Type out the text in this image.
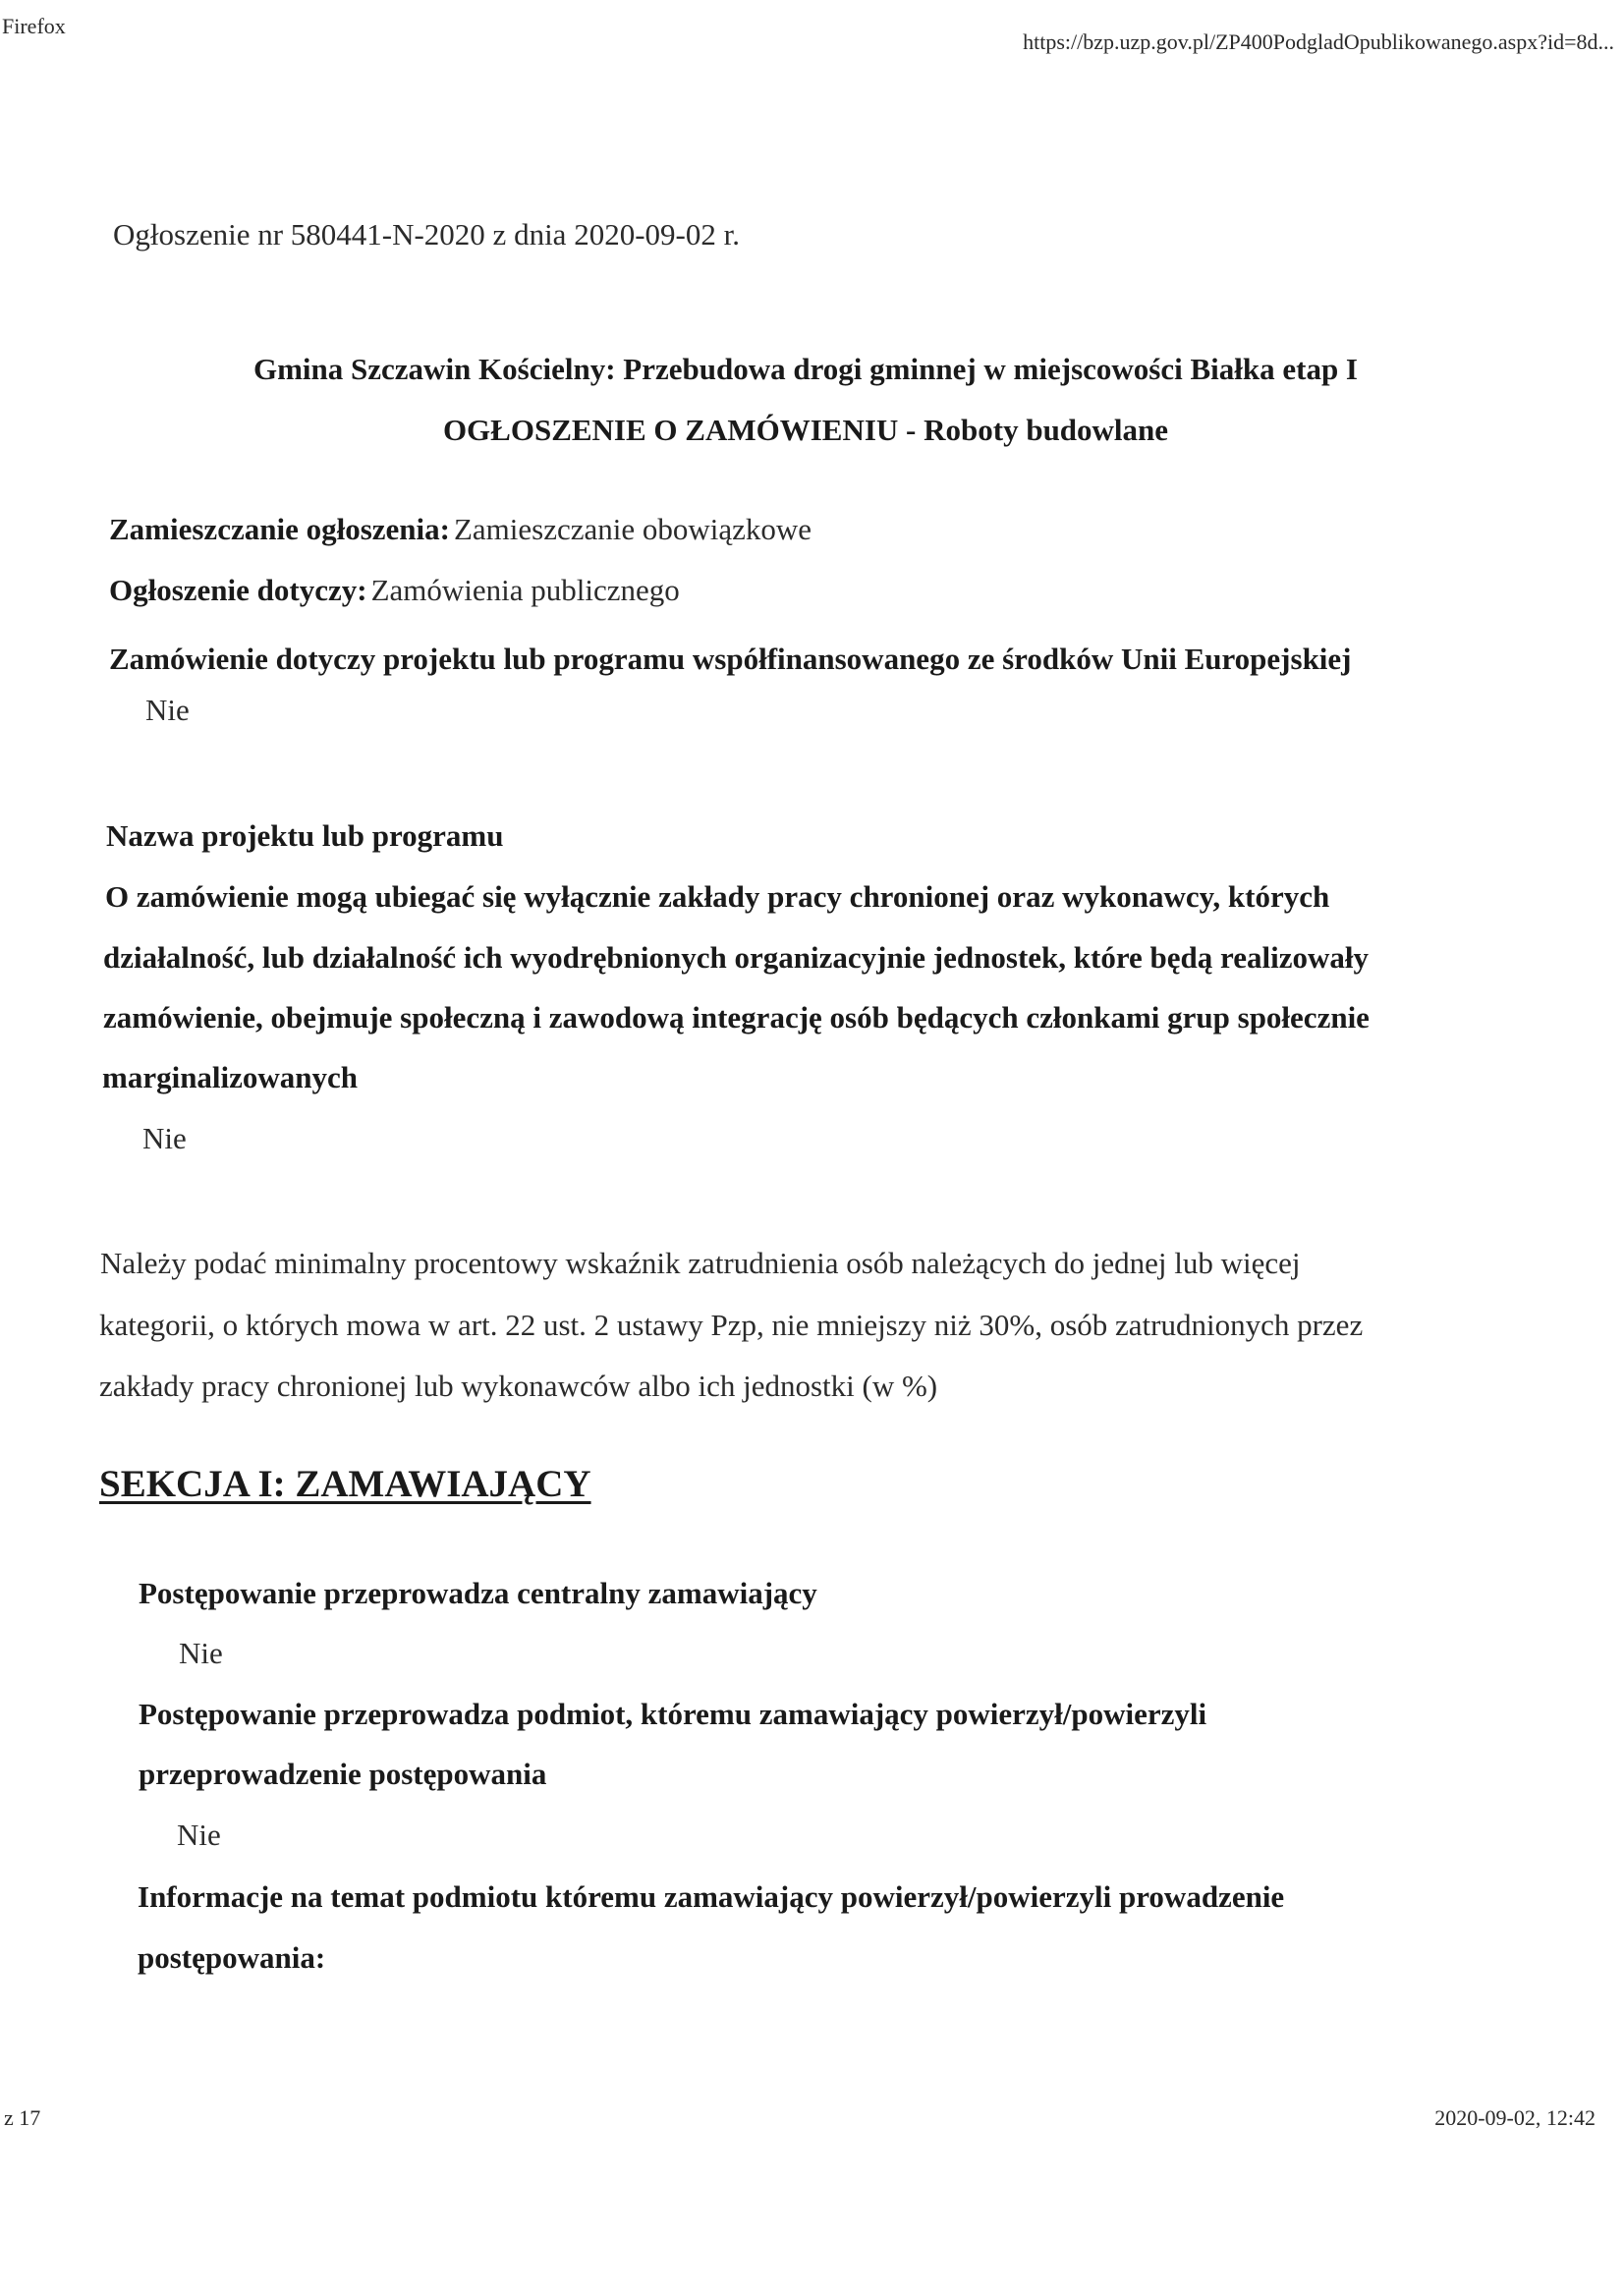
Firefox
https://bzp.uzp.gov.pl/ZP400PodgladOpublikowanego.aspx?id=8d...
Ogłoszenie nr 580441-N-2020 z dnia 2020-09-02 r.
Gmina Szczawin Kościelny: Przebudowa drogi gminnej w miejscowości Białka etap I
OGŁOSZENIE O ZAMÓWIENIU - Roboty budowlane
Zamieszczanie ogłoszenia: Zamieszczanie obowiązkowe
Ogłoszenie dotyczy: Zamówienia publicznego
Zamówienie dotyczy projektu lub programu współfinansowanego ze środków Unii Europejskiej
Nie
Nazwa projektu lub programu
O zamówienie mogą ubiegać się wyłącznie zakłady pracy chronionej oraz wykonawcy, których
działalność, lub działalność ich wyodrębnionych organizacyjnie jednostek, które będą realizowały
zamówienie, obejmuje społeczną i zawodową integrację osób będących członkami grup społecznie
marginalizowanych
Nie
Należy podać minimalny procentowy wskaźnik zatrudnienia osób należących do jednej lub więcej
kategorii, o których mowa w art. 22 ust. 2 ustawy Pzp, nie mniejszy niż 30%, osób zatrudnionych przez
zakłady pracy chronionej lub wykonawców albo ich jednostki (w %)
SEKCJA I: ZAMAWIAJĄCY
Postępowanie przeprowadza centralny zamawiający
Nie
Postępowanie przeprowadza podmiot, któremu zamawiający powierzył/powierzyli
przeprowadzenie postępowania
Nie
Informacje na temat podmiotu któremu zamawiający powierzył/powierzyli prowadzenie
postępowania:
z 17	2020-09-02, 12:42
